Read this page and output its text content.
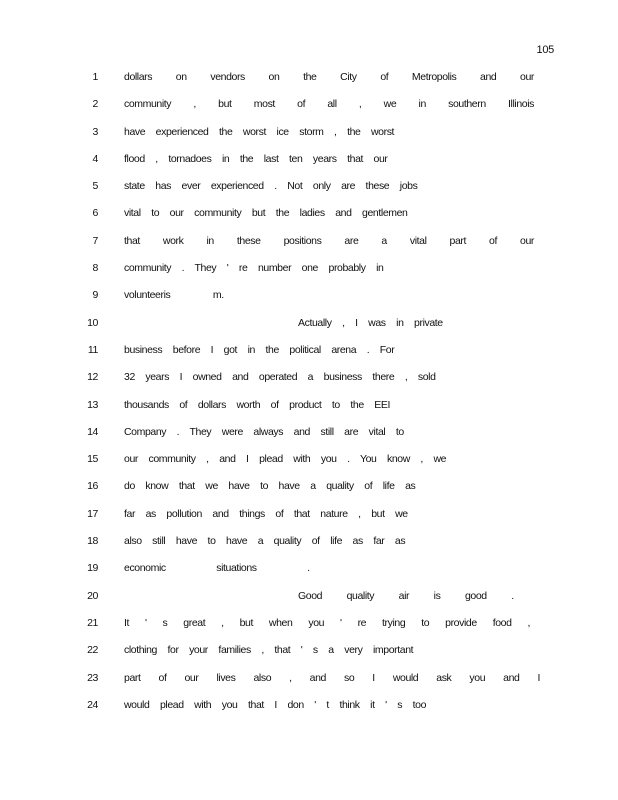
105
1 dollars on vendors on the City of Metropolis and our
2 community , but most of all , we in southern Illinois
3 have experienced the worst ice storm , the worst
4 flood , tornadoes in the last ten years that our
5 state has ever experienced . Not only are these jobs
6 vital to our community but the ladies and gentlemen
7 that work in these positions are a vital part of our
8 community . They ' re number one probably in
9 volunteeris m.
10	Actually , I was in private
11 business before I got in the political arena . For
12 32 years I owned and operated a business there , sold
13 thousands of dollars worth of product to the EEI
14 Company . They were always and still are vital to
15 our community , and I plead with you . You know , we
16 do know that we have to have a quality of life as
17 far as pollution and things of that nature , but we
18 also still have to have a quality of life as far as
19 economic situations .
20	Good quality air is good .
21 It ' s great , but when you ' re trying to provide food ,
22 clothing for your families , that ' s a very important
23 part of our lives also , and so I would ask you and I
24 would plead with you that I don ' t think it ' s too
